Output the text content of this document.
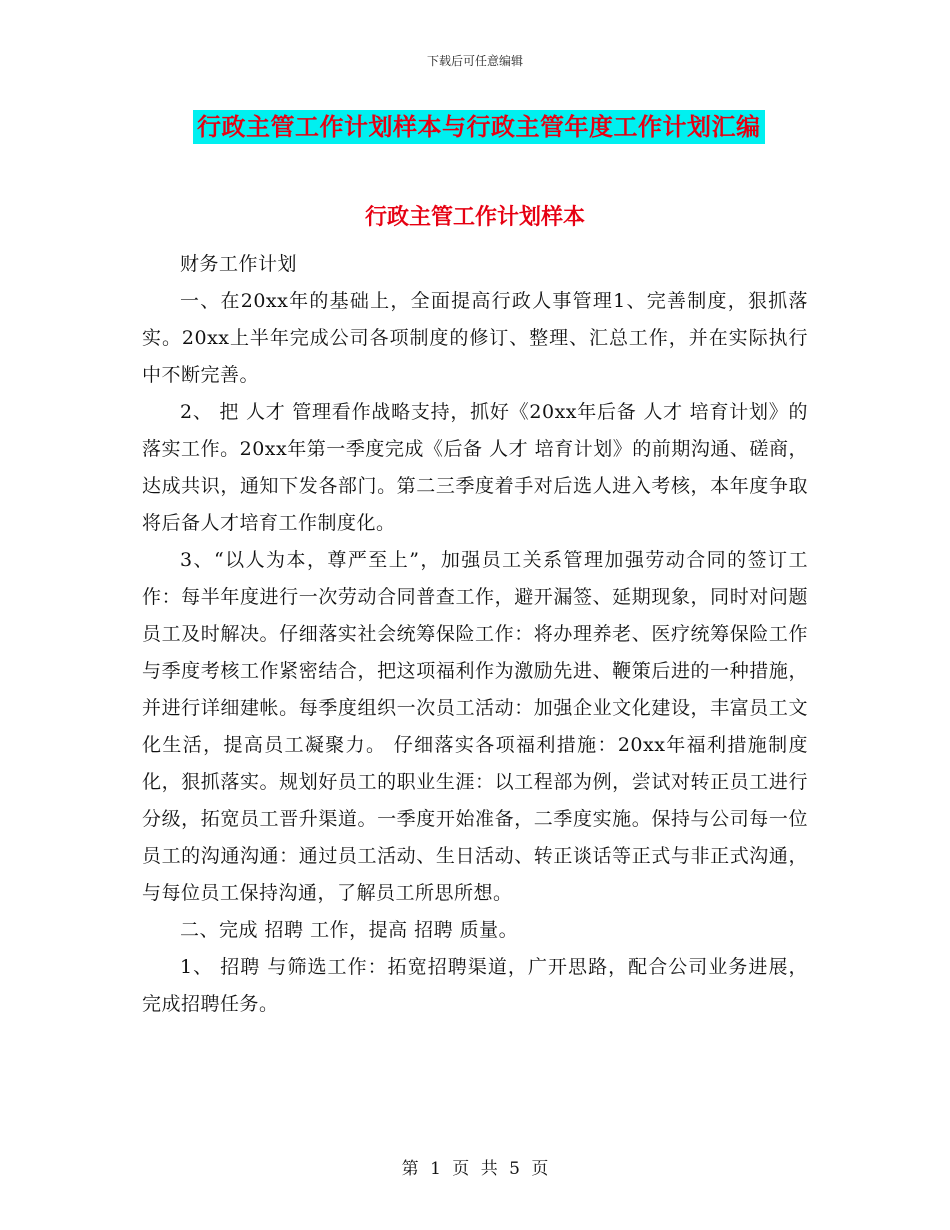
下载后可任意编辑
行政主管工作计划样本与行政主管年度工作计划汇编
行政主管工作计划样本

财务工作计划

一、在20xx年的基础上，全面提高行政人事管理1、完善制度，狠抓落实。20xx上半年完成公司各项制度的修订、整理、汇总工作，并在实际执行中不断完善。

2、 把 人才 管理看作战略支持，抓好《20xx年后备 人才 培育计划》的落实工作。20xx年第一季度完成《后备 人才 培育计划》的前期沟通、磋商，达成共识，通知下发各部门。第二三季度着手对后选人进入考核，本年度争取将后备人才培育工作制度化。

3、“以人为本，尊严至上”，加强员工关系管理加强劳动合同的签订工作：每半年度进行一次劳动合同普查工作，避开漏签、延期现象，同时对问题员工及时解决。仔细落实社会统筹保险工作：将办理养老、医疗统筹保险工作与季度考核工作紧密结合，把这项福利作为激励先进、鞭策后进的一种措施，并进行详细建帐。每季度组织一次员工活动：加强企业文化建设，丰富员工文化生活，提高员工凝聚力。 仔细落实各项福利措施：20xx年福利措施制度化，狠抓落实。规划好员工的职业生涯：以工程部为例，尝试对转正员工进行分级，拓宽员工晋升渠道。一季度开始准备，二季度实施。保持与公司每一位员工的沟通沟通：通过员工活动、生日活动、转正谈话等正式与非正式沟通，与每位员工保持沟通，了解员工所思所想。

二、完成 招聘 工作，提高 招聘 质量。

1、 招聘 与筛选工作：拓宽招聘渠道，广开思路，配合公司业务进展，完成招聘任务。

第 1 页 共 5 页
